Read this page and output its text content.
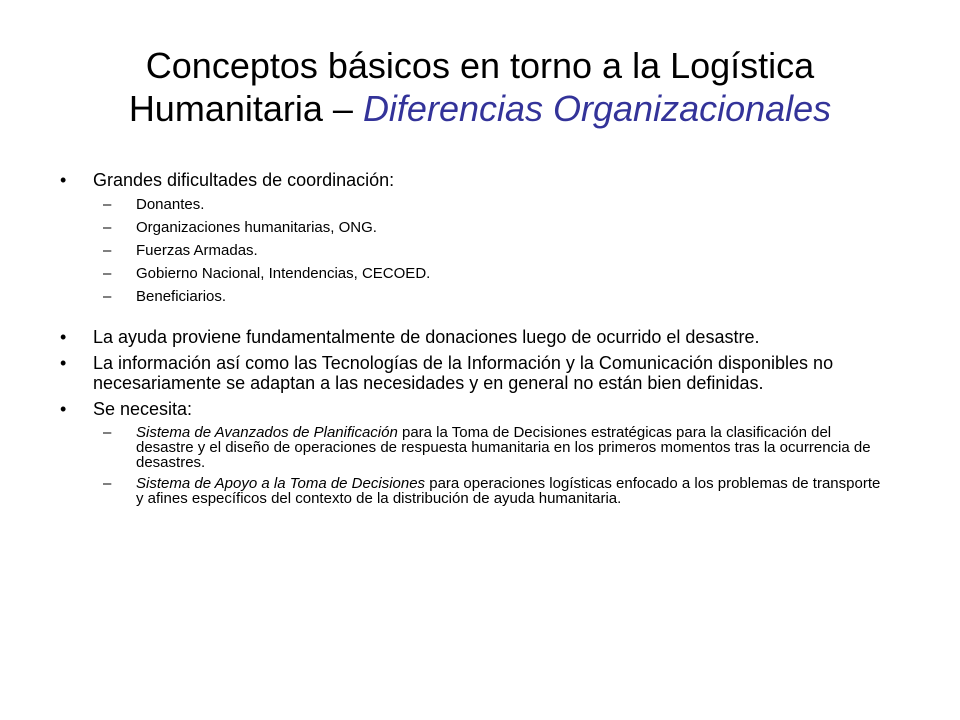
Conceptos básicos en torno a la Logística Humanitaria – Diferencias Organizacionales
• Grandes dificultades de coordinación:
– Donantes.
– Organizaciones humanitarias, ONG.
– Fuerzas Armadas.
– Gobierno Nacional, Intendencias, CECOED.
– Beneficiarios.
• La ayuda proviene fundamentalmente de donaciones luego de ocurrido el desastre.
• La información así como las Tecnologías de la Información y la Comunicación disponibles no necesariamente se adaptan a las necesidades y en general no están bien definidas.
• Se necesita:
– Sistema de Avanzados de Planificación para la Toma de Decisiones estratégicas para la clasificación del desastre y el diseño de operaciones de respuesta humanitaria en los primeros momentos tras la ocurrencia de desastres.
– Sistema de Apoyo a la Toma de Decisiones para operaciones logísticas enfocado a los problemas de transporte y afines específicos del contexto de la distribución de ayuda humanitaria.
